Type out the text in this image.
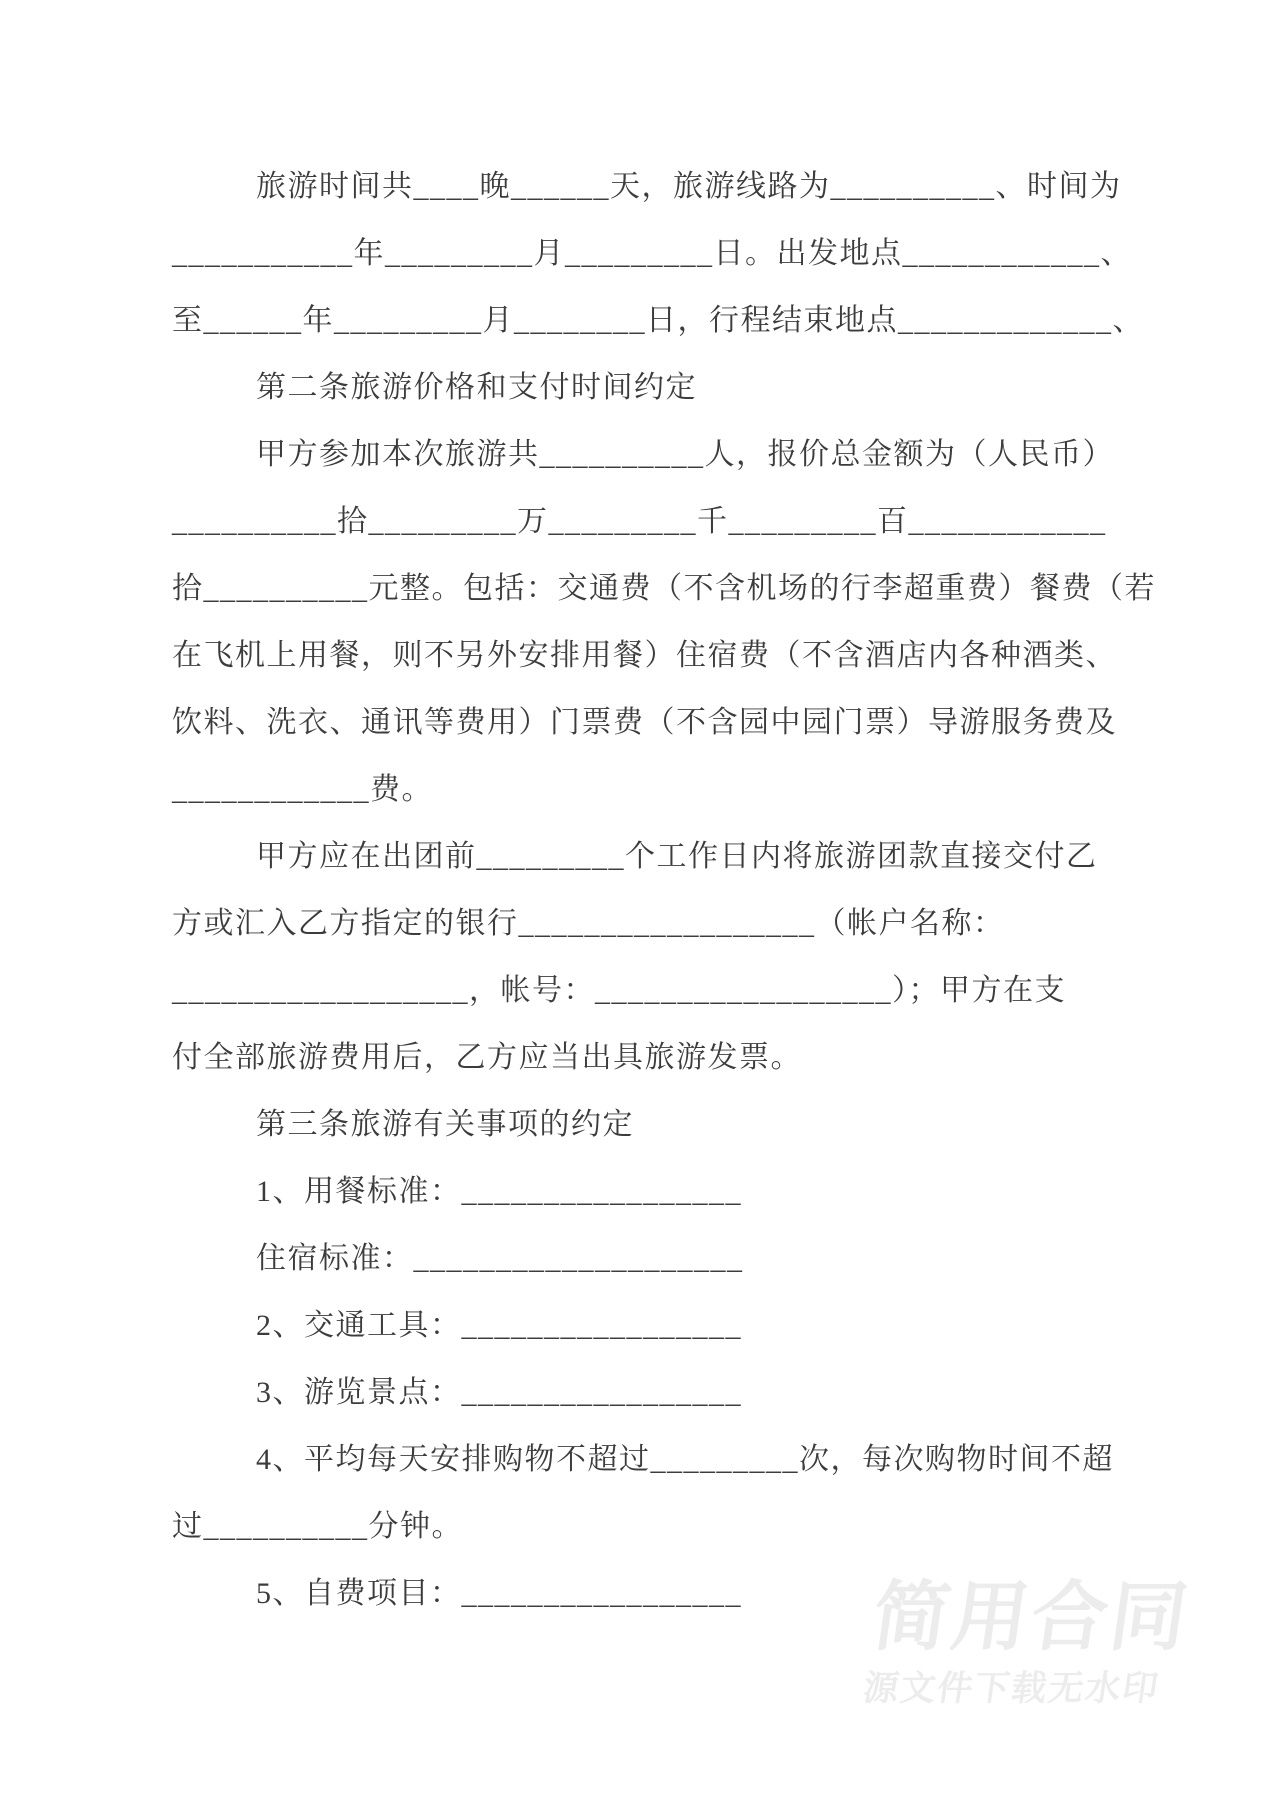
简用合同
源文件下载无水印

旅游时间共____晚______天，旅游线路为__________、时间为

___________年_________月_________日。出发地点____________、

至______年_________月________日，行程结束地点_____________、

第二条旅游价格和支付时间约定

甲方参加本次旅游共__________人，报价总金额为（人民币）

__________拾_________万_________千_________百____________

拾__________元整。包括：交通费（不含机场的行李超重费）餐费（若

在飞机上用餐，则不另外安排用餐）住宿费（不含酒店内各种酒类、

饮料、洗衣、通讯等费用）门票费（不含园中园门票）导游服务费及

____________费。

甲方应在出团前_________个工作日内将旅游团款直接交付乙

方或汇入乙方指定的银行__________________（帐户名称：

__________________，帐号：__________________）；甲方在支

付全部旅游费用后，乙方应当出具旅游发票。

第三条旅游有关事项的约定

1、用餐标准：_________________

住宿标准：____________________

2、交通工具：_________________

3、游览景点：_________________

4、平均每天安排购物不超过_________次，每次购物时间不超

过__________分钟。

5、自费项目：_________________
